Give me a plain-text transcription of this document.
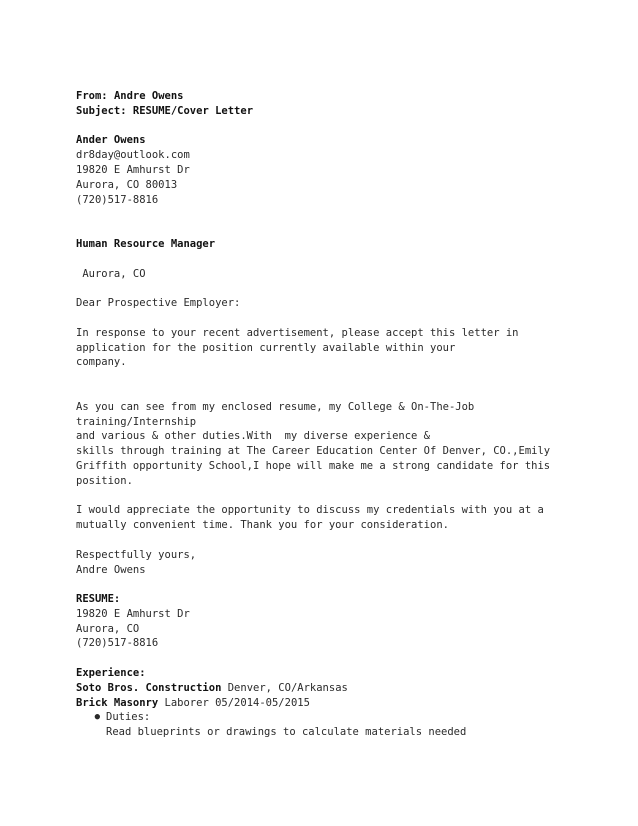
From: Andre Owens
Subject: RESUME/Cover Letter
Ander Owens
dr8day@outlook.com
19820 E Amhurst Dr
Aurora, CO 80013
(720)517-8816
Human Resource Manager
Aurora, CO
Dear Prospective Employer:
In response to your recent advertisement, please accept this letter in
application for the position currently available within your
company.
As you can see from my enclosed resume, my College & On-The-Job
training/Internship
and various & other duties.With  my diverse experience &
skills through training at The Career Education Center Of Denver, CO.,Emily
Griffith opportunity School,I hope will make me a strong candidate for this
position.
I would appreciate the opportunity to discuss my credentials with you at a
mutually convenient time. Thank you for your consideration.
Respectfully yours,
Andre Owens
RESUME:
19820 E Amhurst Dr
Aurora, CO
(720)517-8816
Experience:
Soto Bros. Construction Denver, CO/Arkansas
Brick Masonry Laborer 05/2014-05/2015
● Duties:
Read blueprints or drawings to calculate materials needed
